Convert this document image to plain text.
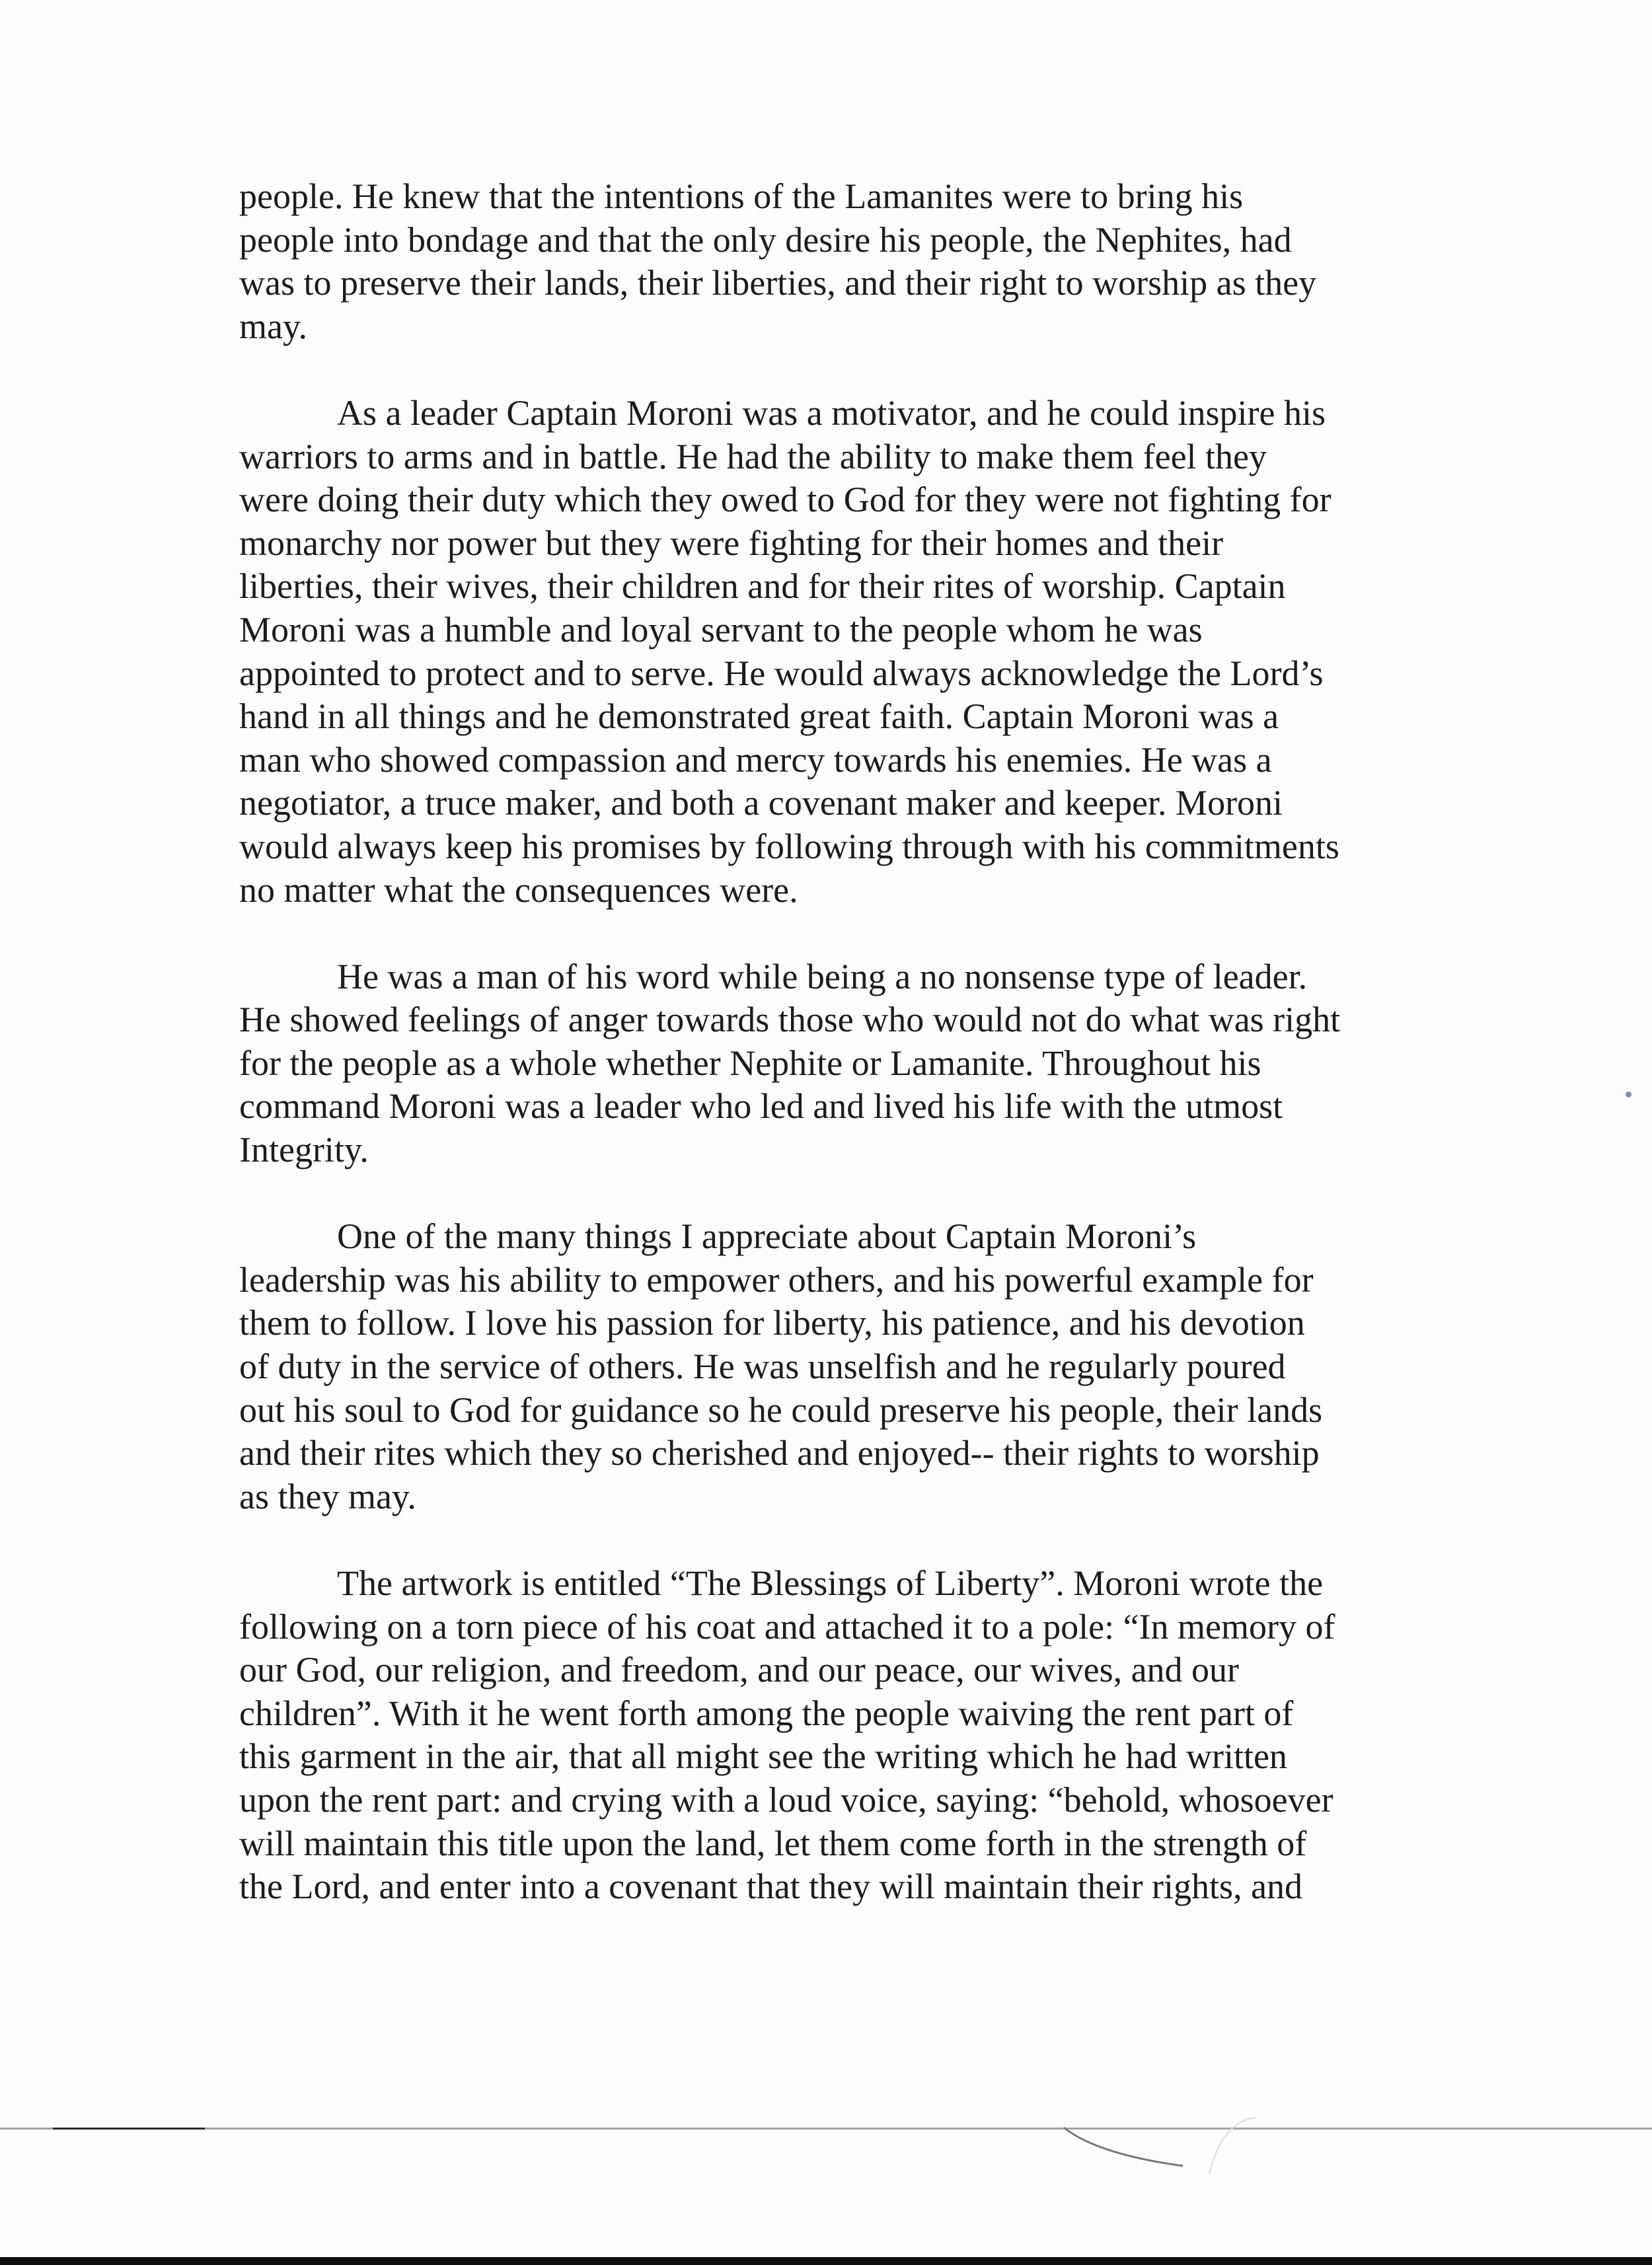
people. He knew that the intentions of the Lamanites were to bring his
people into bondage and that the only desire his people, the Nephites, had
was to preserve their lands, their liberties, and their right to worship as they
may.
As a leader Captain Moroni was a motivator, and he could inspire his
warriors to arms and in battle. He had the ability to make them feel they
were doing their duty which they owed to God for they were not fighting for
monarchy nor power but they were fighting for their homes and their
liberties, their wives, their children and for their rites of worship. Captain
Moroni was a humble and loyal servant to the people whom he was
appointed to protect and to serve. He would always acknowledge the Lord’s
hand in all things and he demonstrated great faith. Captain Moroni was a
man who showed compassion and mercy towards his enemies. He was a
negotiator, a truce maker, and both a covenant maker and keeper. Moroni
would always keep his promises by following through with his commitments
no matter what the consequences were.
He was a man of his word while being a no nonsense type of leader.
He showed feelings of anger towards those who would not do what was right
for the people as a whole whether Nephite or Lamanite. Throughout his
command Moroni was a leader who led and lived his life with the utmost
Integrity.
One of the many things I appreciate about Captain Moroni’s
leadership was his ability to empower others, and his powerful example for
them to follow. I love his passion for liberty, his patience, and his devotion
of duty in the service of others. He was unselfish and he regularly poured
out his soul to God for guidance so he could preserve his people, their lands
and their rites which they so cherished and enjoyed-- their rights to worship
as they may.
The artwork is entitled “The Blessings of Liberty”. Moroni wrote the
following on a torn piece of his coat and attached it to a pole: “In memory of
our God, our religion, and freedom, and our peace, our wives, and our
children”. With it he went forth among the people waiving the rent part of
this garment in the air, that all might see the writing which he had written
upon the rent part: and crying with a loud voice, saying: “behold, whosoever
will maintain this title upon the land, let them come forth in the strength of
the Lord, and enter into a covenant that they will maintain their rights, and
